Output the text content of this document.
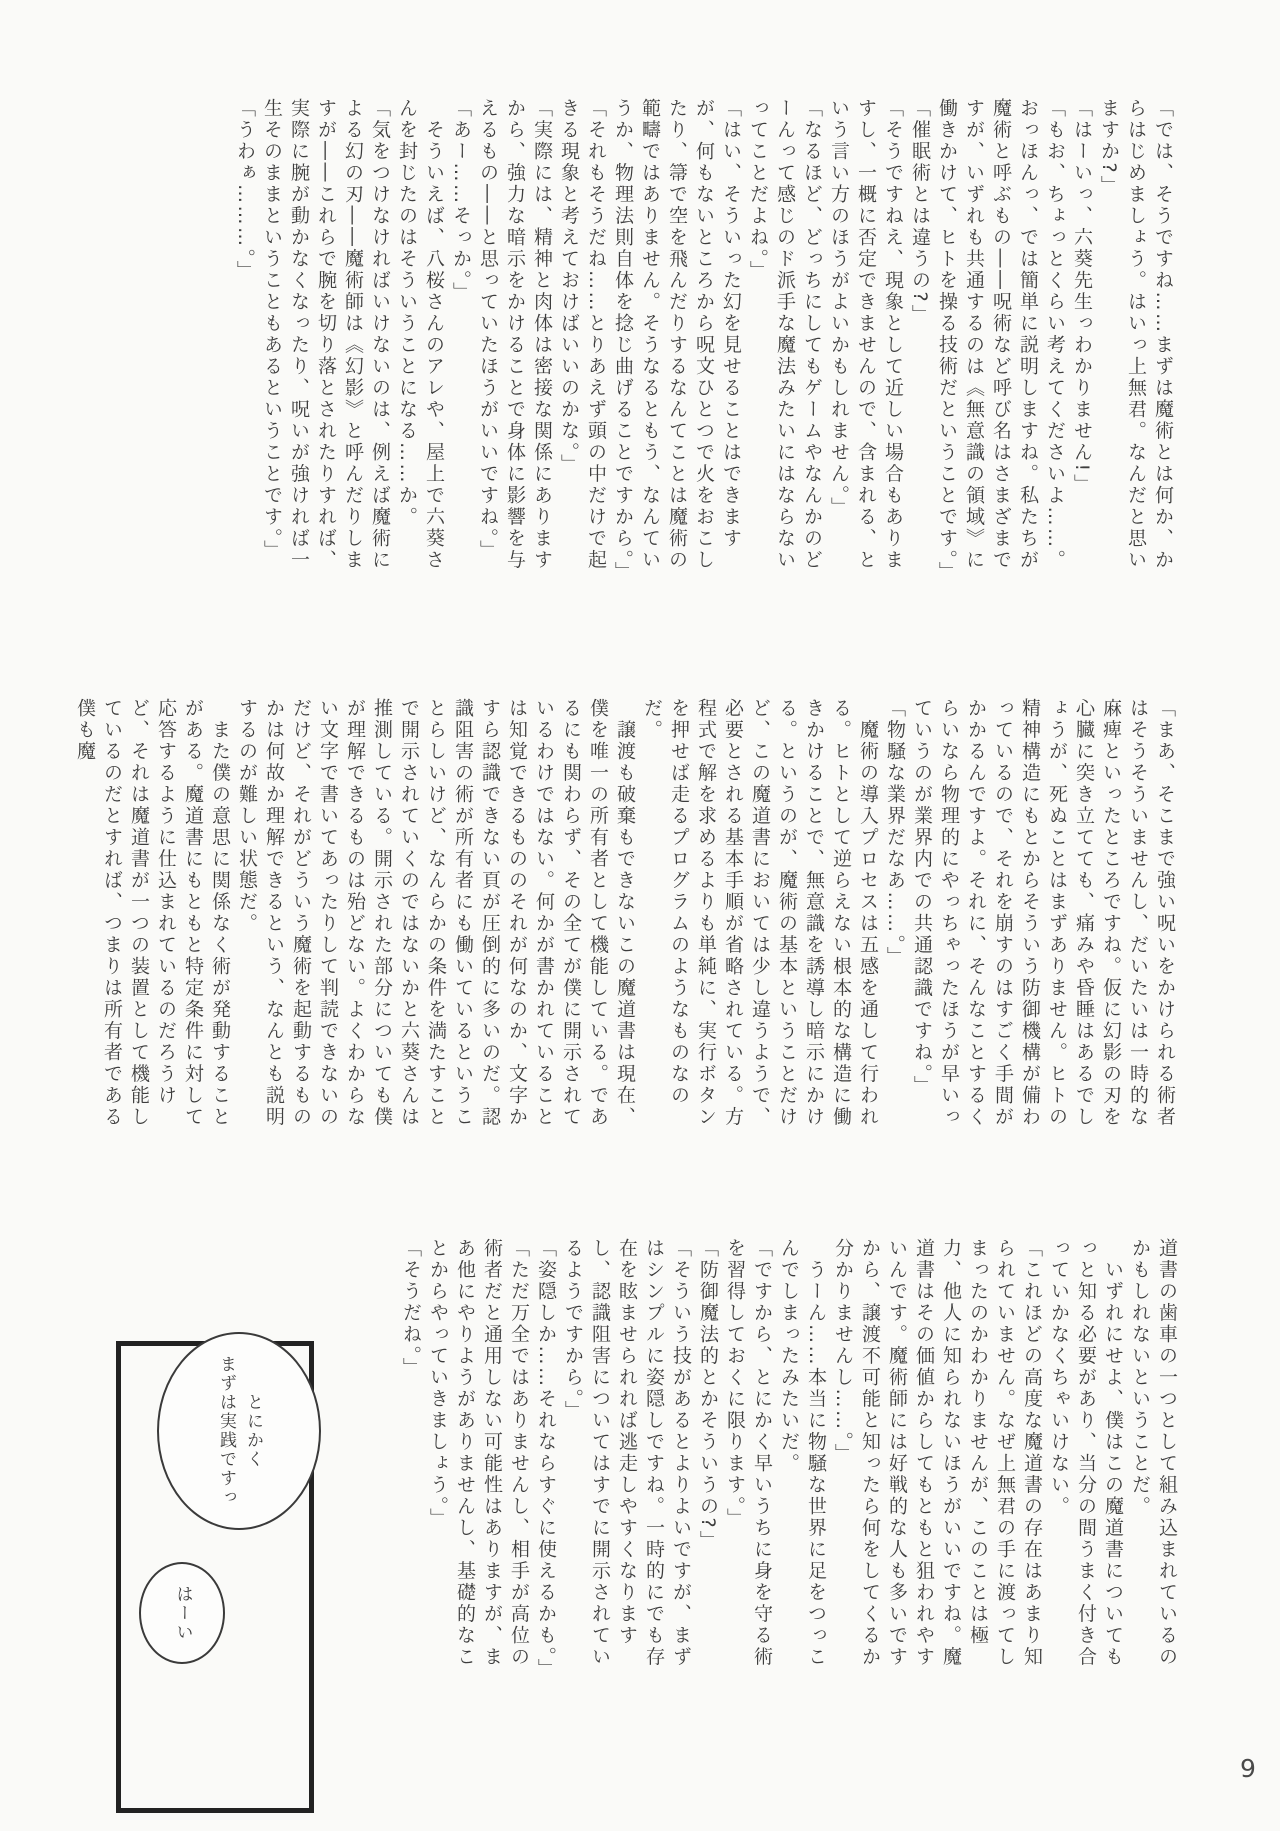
「では、そうですね……まずは魔術とは何か、からはじめましょう。はいっ上無君。なんだと思いますか?」

「はーいっ、六葵先生っわかりません!」

「もお、ちょっとくらい考えてくださいよ……。おっほんっ、では簡単に説明しますね。私たちが魔術と呼ぶもの――呪術など呼び名はさまざまですが、いずれも共通するのは《無意識の領域》に働きかけて、ヒトを操る技術だということです。」

「催眠術とは違うの?」

「そうですねえ、現象として近しい場合もありますし、一概に否定できませんので、含まれる、という言い方のほうがよいかもしれません。」

「なるほど、どっちにしてもゲームやなんかのどーんって感じのド派手な魔法みたいにはならないってことだよね。」

「はい、そういった幻を見せることはできますが、何もないところから呪文ひとつで火をおこしたり、箒で空を飛んだりするなんてことは魔術の範疇ではありません。そうなるともう、なんていうか、物理法則自体を捻じ曲げることですから。」

「それもそうだね……とりあえず頭の中だけで起きる現象と考えておけばいいのかな。」

「実際には、精神と肉体は密接な関係にありますから、強力な暗示をかけることで身体に影響を与えるもの――と思っていたほうがいいですね。」

「あー……そっか。」

　そういえば、八桜さんのアレや、屋上で六葵さんを封じたのはそういうことになる……か。

「気をつけなければいけないのは、例えば魔術による幻の刃――魔術師は《幻影》と呼んだりしますが――これらで腕を切り落とされたりすれば、実際に腕が動かなくなったり、呪いが強ければ一生そのままということもあるということです。」

「うわぁ………。」

「まあ、そこまで強い呪いをかけられる術者はそうそういませんし、だいたいは一時的な麻痺といったところですね。仮に幻影の刃を心臓に突き立てても、痛みや昏睡はあるでしょうが、死ぬことはまずありません。ヒトの精神構造にもとからそういう防御機構が備わっているので、それを崩すのはすごく手間がかかるんですよ。それに、そんなことするくらいなら物理的にやっちゃったほうが早いっていうのが業界内での共通認識ですね。」

「物騒な業界だなあ……。」

　魔術の導入プロセスは五感を通して行われる。ヒトとして逆らえない根本的な構造に働きかけることで、無意識を誘導し暗示にかける。というのが、魔術の基本ということだけど、この魔道書においては少し違うようで、必要とされる基本手順が省略されている。方程式で解を求めるよりも単純に、実行ボタンを押せば走るプログラムのようなものなのだ。

　譲渡も破棄もできないこの魔道書は現在、僕を唯一の所有者として機能している。であるにも関わらず、その全てが僕に開示されているわけではない。何かが書かれていることは知覚できるもののそれが何なのか、文字かすら認識できない頁が圧倒的に多いのだ。認識阻害の術が所有者にも働いているということらしいけど、なんらかの条件を満たすことで開示されていくのではないかと六葵さんは推測している。開示された部分についても僕が理解できるものは殆どない。よくわからない文字で書いてあったりして判読できないのだけど、それがどういう魔術を起動するものかは何故か理解できるという、なんとも説明するのが難しい状態だ。

　また僕の意思に関係なく術が発動することがある。魔道書にもともと特定条件に対して応答するように仕込まれているのだろうけど、それは魔道書が一つの装置として機能しているのだとすれば、つまりは所有者である僕も魔

道書の歯車の一つとして組み込まれているのかもしれないということだ。

　いずれにせよ、僕はこの魔道書についてもっと知る必要があり、当分の間うまく付き合っていかなくちゃいけない。

「これほどの高度な魔道書の存在はあまり知られていません。なぜ上無君の手に渡ってしまったのかわかりませんが、このことは極力、他人に知られないほうがいいですね。魔道書はその価値からしてもともと狙われやすいんです。魔術師には好戦的な人も多いですから、譲渡不可能と知ったら何をしてくるか分かりませんし……。」

　うーん……本当に物騒な世界に足をつっこんでしまったみたいだ。

「ですから、とにかく早いうちに身を守る術を習得しておくに限ります。」

「防御魔法的とかそういうの?」

「そういう技があるとよりよいですが、まずはシンプルに姿隠しですね。一時的にでも存在を眩ませられれば逃走しやすくなりますし、認識阻害についてはすでに開示されているようですから。」

「姿隠しか……それならすぐに使えるかも。」

「ただ万全ではありませんし、相手が高位の術者だと通用しない可能性はありますが、まあ他にやりようがありませんし、基礎的なことからやっていきましょう。」

「そうだね。」

とにかく

まずは実践ですっ

はーい

9
